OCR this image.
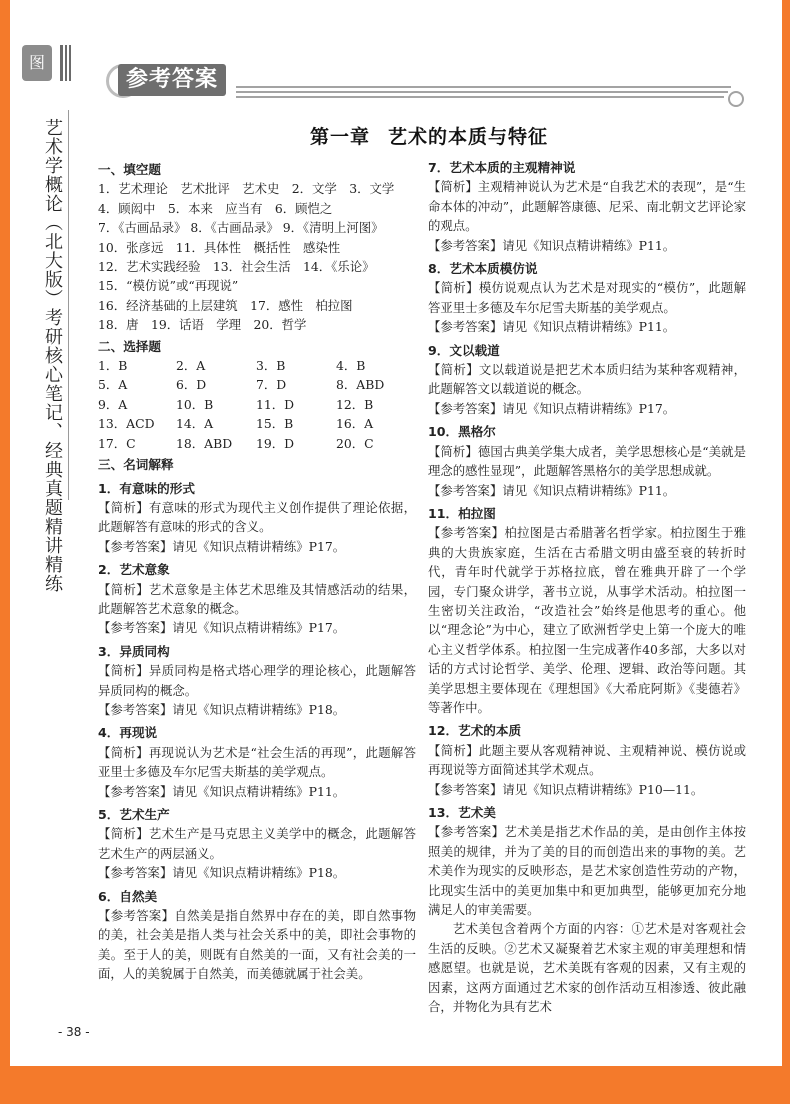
图
艺术学概论（北大版）考研核心笔记、经典真题精讲精练
参考答案
第一章 艺术的本质与特征
一、填空题
1．艺术理论　艺术批评　艺术史　2．文学　3．文学
4．顾闳中　5．本来　应当有　6．顾恺之
7．《古画品录》 8．《古画品录》 9．《清明上河图》
10．张彦远　11．具体性　概括性　感染性
12．艺术实践经验　13．社会生活　14．《乐论》
15．“模仿说”或“再现说”
16．经济基础的上层建筑　17．感性　柏拉图
18．唐　19．话语　学理　20．哲学
二、选择题
1．B	2．A	3．B	4．B
5．A	6．D	7．D	8．ABD
9．A	10．B	11．D	12．B
13．ACD	14．A	15．B	16．A
17．C	18．ABD	19．D	20．C
三、名词解释
1．有意味的形式
【简析】有意味的形式为现代主义创作提供了理论依据，此题解答有意味的形式的含义。
【参考答案】请见《知识点精讲精练》P17。
2．艺术意象
【简析】艺术意象是主体艺术思维及其情感活动的结果，此题解答艺术意象的概念。
【参考答案】请见《知识点精讲精练》P17。
3．异质同构
【简析】异质同构是格式塔心理学的理论核心，此题解答异质同构的概念。
【参考答案】请见《知识点精讲精练》P18。
4．再现说
【简析】再现说认为艺术是“社会生活的再现”，此题解答亚里士多德及车尔尼雪夫斯基的美学观点。
【参考答案】请见《知识点精讲精练》P11。
5．艺术生产
【简析】艺术生产是马克思主义美学中的概念，此题解答艺术生产的两层涵义。
【参考答案】请见《知识点精讲精练》P18。
6．自然美
【参考答案】自然美是指自然界中存在的美，即自然事物的美，社会美是指人类与社会关系中的美，即社会事物的美。至于人的美，则既有自然美的一面，又有社会美的一面，人的美貌属于自然美，而美德就属于社会美。
7．艺术本质的主观精神说
【简析】主观精神说认为艺术是“自我艺术的表现”，是“生命本体的冲动”，此题解答康德、尼采、南北朝文艺评论家的观点。
【参考答案】请见《知识点精讲精练》P11。
8．艺术本质模仿说
【简析】模仿说观点认为艺术是对现实的“模仿”，此题解答亚里士多德及车尔尼雪夫斯基的美学观点。
【参考答案】请见《知识点精讲精练》P11。
9．文以载道
【简析】文以载道说是把艺术本质归结为某种客观精神，此题解答文以载道说的概念。
【参考答案】请见《知识点精讲精练》P17。
10．黑格尔
【简析】德国古典美学集大成者，美学思想核心是“美就是理念的感性显现”，此题解答黑格尔的美学思想成就。
【参考答案】请见《知识点精讲精练》P11。
11．柏拉图
【参考答案】柏拉图是古希腊著名哲学家。柏拉图生于雅典的大贵族家庭，生活在古希腊文明由盛至衰的转折时代，青年时代就学于苏格拉底，曾在雅典开辟了一个学园，专门聚众讲学，著书立说，从事学术活动。柏拉图一生密切关注政治，“改造社会”始终是他思考的重心。他以“理念论”为中心，建立了欧洲哲学史上第一个庞大的唯心主义哲学体系。柏拉图一生完成著作40多部，大多以对话的方式讨论哲学、美学、伦理、逻辑、政治等问题。其美学思想主要体现在《理想国》《大希庇阿斯》《斐德若》等著作中。
12．艺术的本质
【简析】此题主要从客观精神说、主观精神说、模仿说或再现说等方面简述其学术观点。
【参考答案】请见《知识点精讲精练》P10—11。
13．艺术美
【参考答案】艺术美是指艺术作品的美，是由创作主体按照美的规律，并为了美的目的而创造出来的事物的美。艺术美作为现实的反映形态，是艺术家创造性劳动的产物，比现实生活中的美更加集中和更加典型，能够更加充分地满足人的审美需要。
艺术美包含着两个方面的内容：①艺术是对客观社会生活的反映。②艺术又凝聚着艺术家主观的审美理想和情感愿望。也就是说，艺术美既有客观的因素，又有主观的因素，这两方面通过艺术家的创作活动互相渗透、彼此融合，并物化为具有艺术
- 38 -
